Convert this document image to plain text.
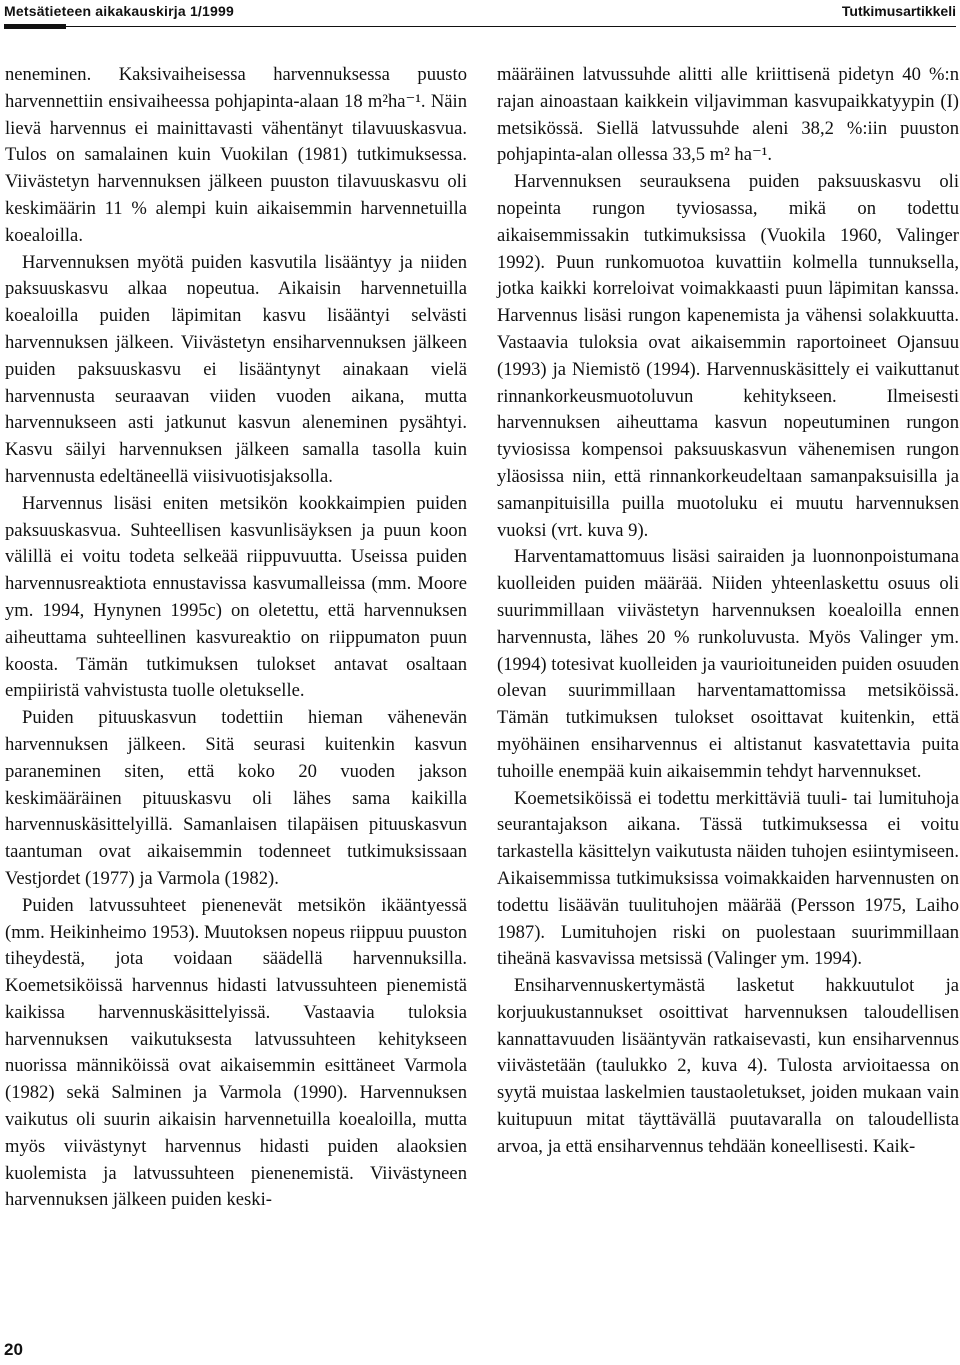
Metsätieteen aikakauskirja 1/1999	Tutkimusartikkeli

neneminen. Kaksivaiheisessa harvennuksessa puusto harvennettiin ensivaiheessa pohjapinta-alaan 18 m²ha⁻¹. Näin lievä harvennus ei mainittavasti vähentänyt tilavuuskasvua. Tulos on samalainen kuin Vuokilan (1981) tutkimuksessa. Viivästetyn harvennuksen jälkeen puuston tilavuuskasvu oli keskimäärin 11 % alempi kuin aikaisemmin harvennetuilla koealoilla.

Harvennuksen myötä puiden kasvutila lisääntyy ja niiden paksuuskasvu alkaa nopeutua. Aikaisin harvennetuilla koealoilla puiden läpimitan kasvu lisääntyi selvästi harvennuksen jälkeen. Viivästetyn ensiharvennuksen jälkeen puiden paksuuskasvu ei lisääntynyt ainakaan vielä harvennusta seuraavan viiden vuoden aikana, mutta harvennukseen asti jatkunut kasvun aleneminen pysähtyi. Kasvu säilyi harvennuksen jälkeen samalla tasolla kuin harvennusta edeltäneellä viisivuotisjaksolla.

Harvennus lisäsi eniten metsikön kookkaimpien puiden paksuuskasvua. Suhteellisen kasvunlisäyksen ja puun koon välillä ei voitu todeta selkeää riippuvuutta. Useissa puiden harvennusreaktiota ennustavissa kasvumalleissa (mm. Moore ym. 1994, Hynynen 1995c) on oletettu, että harvennuksen aiheuttama suhteellinen kasvureaktio on riippumaton puun koosta. Tämän tutkimuksen tulokset antavat osaltaan empiiristä vahvistusta tuolle oletukselle.

Puiden pituuskasvun todettiin hieman vähenevän harvennuksen jälkeen. Sitä seurasi kuitenkin kasvun paraneminen siten, että koko 20 vuoden jakson keskimääräinen pituuskasvu oli lähes sama kaikilla harvennuskäsittelyillä. Samanlaisen tilapäisen pituuskasvun taantuman ovat aikaisemmin todenneet tutkimuksissaan Vestjordet (1977) ja Varmola (1982).

Puiden latvussuhteet pienenevät metsikön ikääntyessä (mm. Heikinheimo 1953). Muutoksen nopeus riippuu puuston tiheydestä, jota voidaan säädellä harvennuksilla. Koemetsiköissä harvennus hidasti latvussuhteen pienemistä kaikissa harvennuskäsittelyissä. Vastaavia tuloksia harvennuksen vaikutuksesta latvussuhteen kehitykseen nuorissa männiköissä ovat aikaisemmin esittäneet Varmola (1982) sekä Salminen ja Varmola (1990). Harvennuksen vaikutus oli suurin aikaisin harvennetuilla koealoilla, mutta myös viivästynyt harvennus hidasti puiden alaoksien kuolemista ja latvussuhteen pienenemistä. Viivästyneen harvennuksen jälkeen puiden keski-

määräinen latvussuhde alitti alle kriittisenä pidetyn 40 %:n rajan ainoastaan kaikkein viljavimman kasvupaikkatyypin (I) metsikössä. Siellä latvussuhde aleni 38,2 %:iin puuston pohjapinta-alan ollessa 33,5 m² ha⁻¹.

Harvennuksen seurauksena puiden paksuuskasvu oli nopeinta rungon tyviosassa, mikä on todettu aikaisemmissakin tutkimuksissa (Vuokila 1960, Valinger 1992). Puun runkomuotoa kuvattiin kolmella tunnuksella, jotka kaikki korreloivat voimakkaasti puun läpimitan kanssa. Harvennus lisäsi rungon kapenemista ja vähensi solakkuutta. Vastaavia tuloksia ovat aikaisemmin raportoineet Ojansuu (1993) ja Niemistö (1994). Harvennuskäsittely ei vaikuttanut rinnankorkeusmuotoluvun kehitykseen. Ilmeisesti harvennuksen aiheuttama kasvun nopeutuminen rungon tyviosissa kompensoi paksuuskasvun vähenemisen rungon yläosissa niin, että rinnankorkeudeltaan samanpaksuisilla ja samanpituisilla puilla muotoluku ei muutu harvennuksen vuoksi (vrt. kuva 9).

Harventamattomuus lisäsi sairaiden ja luonnonpoistumana kuolleiden puiden määrää. Niiden yhteenlaskettu osuus oli suurimmillaan viivästetyn harvennuksen koealoilla ennen harvennusta, lähes 20 % runkoluvusta. Myös Valinger ym. (1994) totesivat kuolleiden ja vaurioituneiden puiden osuuden olevan suurimmillaan harventamattomissa metsiköissä. Tämän tutkimuksen tulokset osoittavat kuitenkin, että myöhäinen ensiharvennus ei altistanut kasvatettavia puita tuhoille enempää kuin aikaisemmin tehdyt harvennukset.

Koemetsiköissä ei todettu merkittäviä tuuli- tai lumituhoja seurantajakson aikana. Tässä tutkimuksessa ei voitu tarkastella käsittelyn vaikutusta näiden tuhojen esiintymiseen. Aikaisemmissa tutkimuksissa voimakkaiden harvennusten on todettu lisäävän tuulituhojen määrää (Persson 1975, Laiho 1987). Lumituhojen riski on puolestaan suurimmillaan tiheänä kasvavissa metsissä (Valinger ym. 1994).

Ensiharvennuskertymästä lasketut hakkuutulot ja korjuukustannukset osoittivat harvennuksen taloudellisen kannattavuuden lisääntyvän ratkaisevasti, kun ensiharvennus viivästetään (taulukko 2, kuva 4). Tulosta arvioitaessa on syytä muistaa laskelmien taustaoletukset, joiden mukaan vain kuitupuun mitat täyttävällä puutavaralla on taloudellista arvoa, ja että ensiharvennus tehdään koneellisesti. Kaik-

20
